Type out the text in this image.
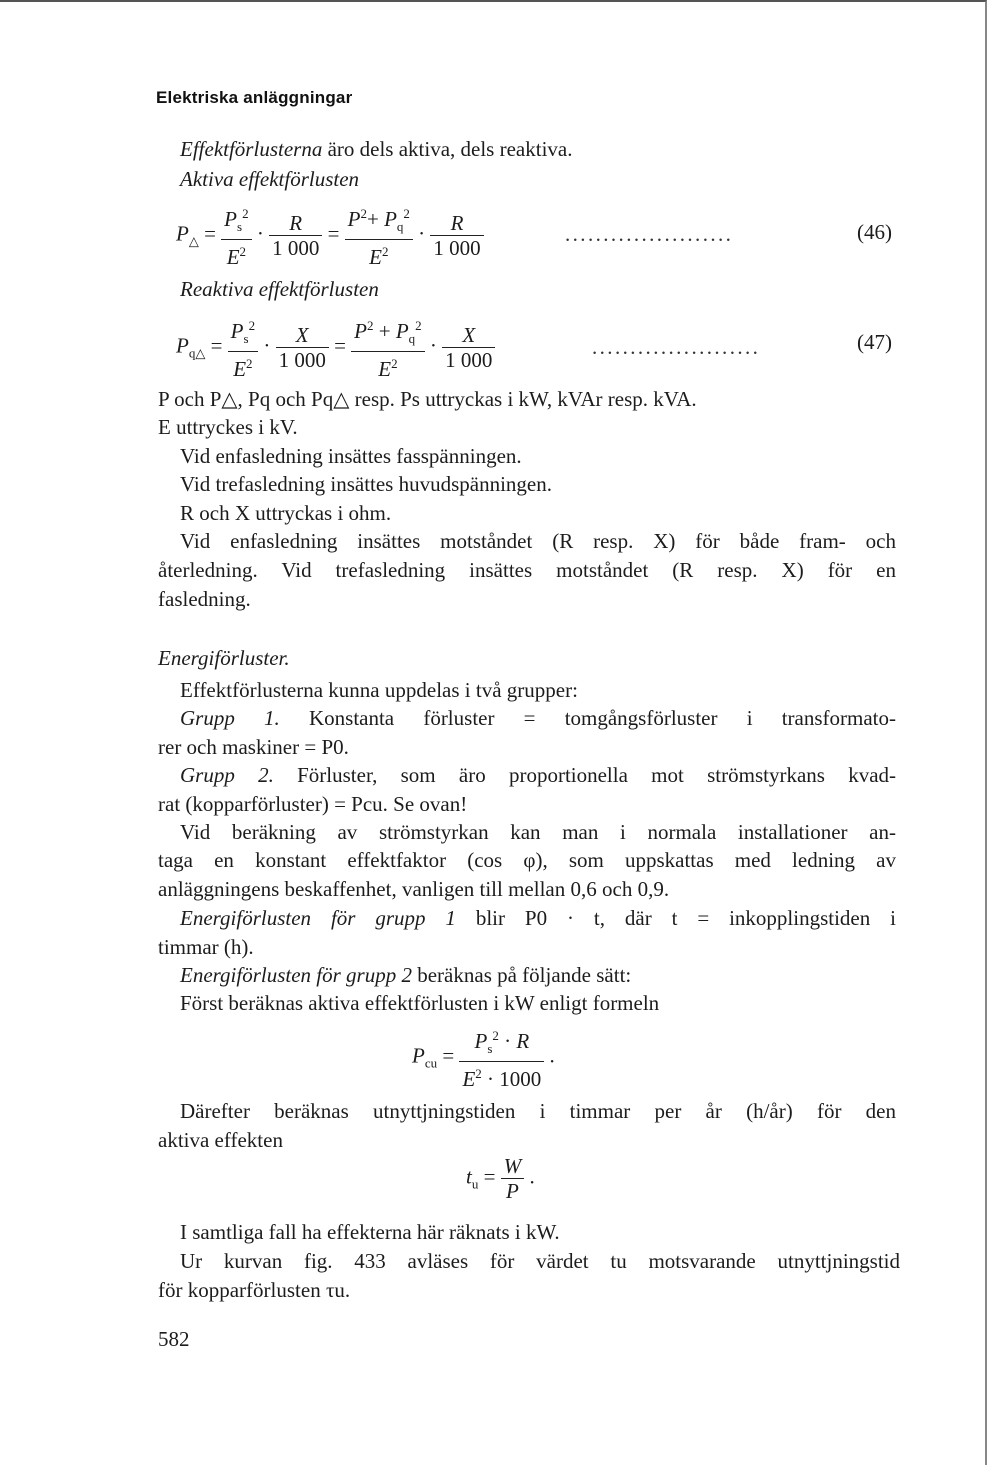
Elektriska anläggningar
Effektförlusterna äro dels aktiva, dels reaktiva.
Aktiva effektförlusten
$P_\triangle = \frac{P_s^2}{E^2} \cdot \frac{R}{1 000} = \frac{P^2+ P_q^2}{E^2} \cdot \frac{R}{1 000}$	......................	(46)
Reaktiva effektförlusten
$P_{q\triangle} = \frac{P_s^2}{E^2} \cdot \frac{X}{1 000} = \frac{P^2 + P_q^2}{E^2} \cdot \frac{X}{1 000}$	......................	(47)
P och P△, Pq och Pq△ resp. Ps uttryckas i kW, kVAr resp. kVA.
E uttryckes i kV.
Vid enfasledning insättes fasspänningen.
Vid trefasledning insättes huvudspänningen.
R och X uttryckas i ohm.
Vid enfasledning insättes motståndet (R resp. X) för både fram- och
återledning. Vid trefasledning insättes motståndet (R resp. X) för en
fasledning.
Energiförluster.
Effektförlusterna kunna uppdelas i två grupper:
Grupp 1. Konstanta förluster = tomgångsförluster i transformato-
rer och maskiner = P0.
Grupp 2. Förluster, som äro proportionella mot strömstyrkans kvad-
rat (kopparförluster) = Pcu. Se ovan!
Vid beräkning av strömstyrkan kan man i normala installationer an-
taga en konstant effektfaktor (cos φ), som uppskattas med ledning av
anläggningens beskaffenhet, vanligen till mellan 0,6 och 0,9.
Energiförlusten för grupp 1 blir P0 · t, där t = inkopplingstiden i
timmar (h).
Energiförlusten för grupp 2 beräknas på följande sätt:
Först beräknas aktiva effektförlusten i kW enligt formeln
$P_{cu} = \frac{P_s^2 \cdot R}{E^2 \cdot 1000}$ .
Därefter beräknas utnyttjningstiden i timmar per år (h/år) för den
aktiva effekten
$t_u = \frac{W}{P}$ .
I samtliga fall ha effekterna här räknats i kW.
Ur kurvan fig. 433 avläses för värdet tu motsvarande utnyttjningstid
för kopparförlusten τu.
582
